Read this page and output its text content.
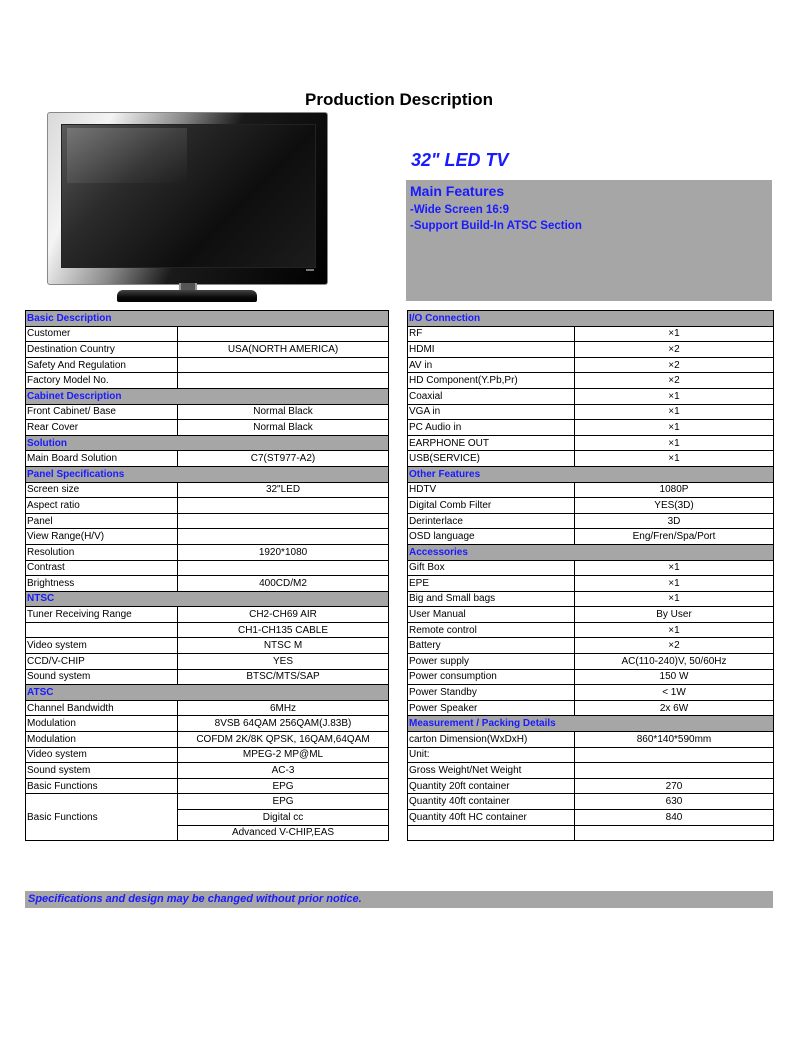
Production Description
32" LED TV
Main Features
-Wide Screen 16:9
-Support Build-In ATSC Section
Basic Description	
Customer	
Destination Country	USA(NORTH AMERICA)
Safety And Regulation	
Factory Model No.	
Cabinet Description	
Front Cabinet/ Base	Normal Black
Rear Cover	Normal Black
Solution	
Main Board Solution	C7(ST977-A2)
Panel Specifications	
Screen size	32"LED
Aspect ratio	
Panel	
View Range(H/V)	
Resolution	1920*1080
Contrast	
Brightness	400CD/M2
NTSC	
Tuner Receiving Range	CH2-CH69 AIR
	CH1-CH135 CABLE
Video system	NTSC M
CCD/V-CHIP	YES
Sound system	BTSC/MTS/SAP
ATSC	
Channel Bandwidth	6MHz
Modulation	8VSB 64QAM 256QAM(J.83B)
Modulation	COFDM 2K/8K QPSK, 16QAM,64QAM
Video system	MPEG-2 MP@ML
Sound system	AC-3
Basic Functions	EPG
Basic Functions	EPG
	Digital cc
	Advanced V-CHIP,EAS
I/O Connection	
RF	×1
HDMI	×2
AV in	×2
HD Component(Y.Pb,Pr)	×2
Coaxial	×1
VGA in	×1
PC Audio in	×1
EARPHONE OUT	×1
USB(SERVICE)	×1
Other Features	
HDTV	1080P
Digital Comb Filter	YES(3D)
Derinterlace	3D
OSD language	Eng/Fren/Spa/Port
Accessories	
Gift Box	×1
EPE	×1
Big and Small bags	×1
User Manual	By User
Remote control	×1
Battery	×2
Power supply	AC(110-240)V, 50/60Hz
Power consumption	150 W
Power Standby	< 1W
Power Speaker	2x 6W
Measurement / Packing Details	
carton Dimension(WxDxH)	860*140*590mm
Unit:	
Gross Weight/Net Weight	
Quantity 20ft container	270
Quantity 40ft container	630
Quantity 40ft HC container	840

Specifications and design may be changed without prior notice.
